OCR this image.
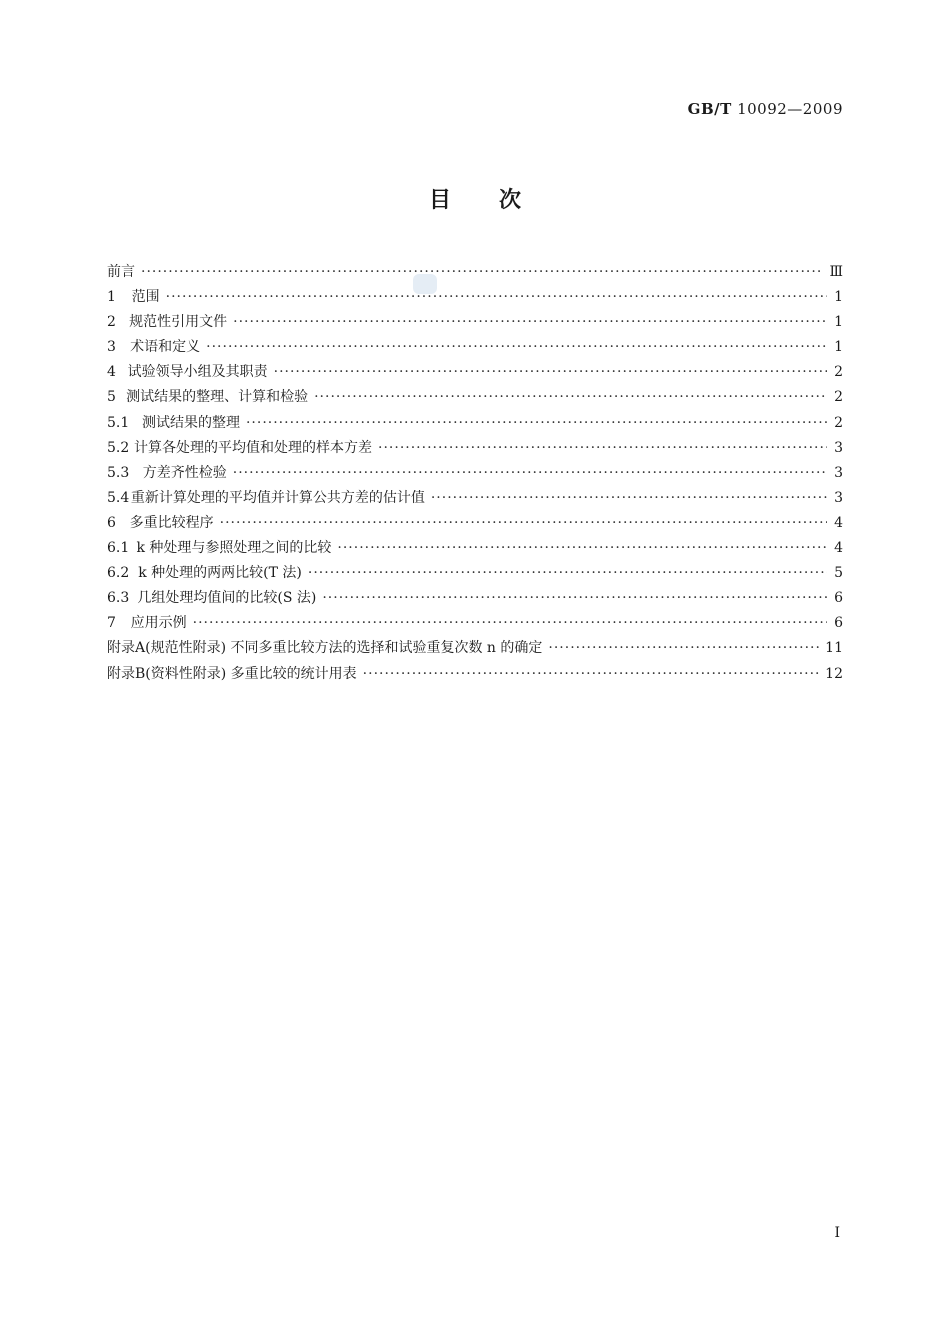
GB/T 10092—2009
目次
前言 ·····	Ⅲ
1	范围 ·····	1
2 规范性引用文件 ·····	1
3	术语和定义 ·····	1
4 试验领导小组及其职责 ·····	2
5 测试结果的整理、计算和检验 ·····	2
5.1 测试结果的整理 ·····	2
5.2 计算各处理的平均值和处理的样本方差 ·····	3
5.3 方差齐性检验 ·····	3
5.4 重新计算处理的平均值并计算公共方差的估计值 ·····	3
6 多重比较程序 ·····	4
6.1 k 种处理与参照处理之间的比较 ·····	4
6.2 k 种处理的两两比较(T 法) ·····	5
6.3 几组处理均值间的比较(S 法) ·····	6
7	应用示例 ·····	6
附录A(规范性附录) 不同多重比较方法的选择和试验重复次数 n 的确定 ·····	11
附录B(资料性附录) 多重比较的统计用表 ·····	12
Ⅰ
